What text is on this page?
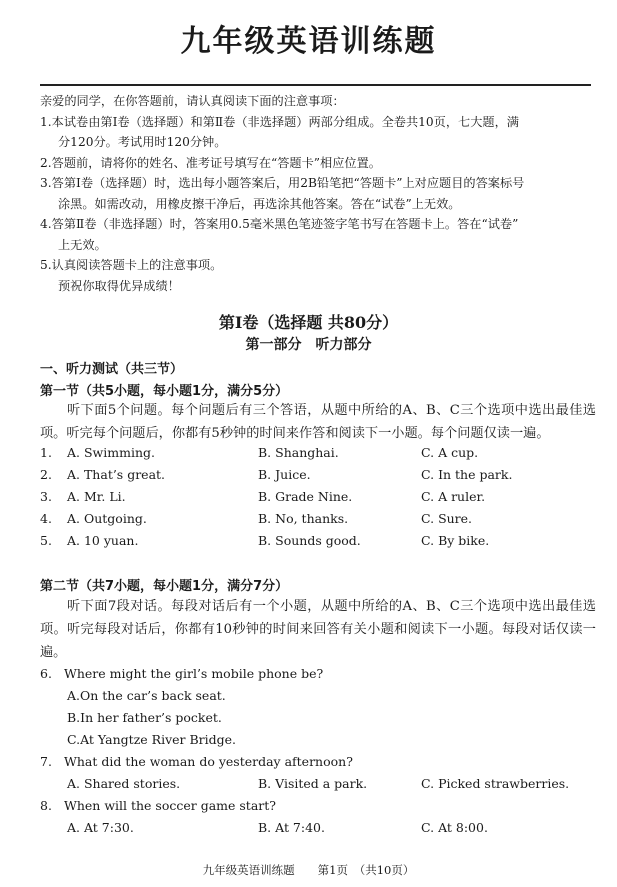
九年级英语训练题
亲爱的同学，在你答题前，请认真阅读下面的注意事项：
1.本试卷由第Ⅰ卷（选择题）和第Ⅱ卷（非选择题）两部分组成。全卷共10页，七大题，满
分120分。考试用时120分钟。
2.答题前，请将你的姓名、准考证号填写在“答题卡”相应位置。
3.答第Ⅰ卷（选择题）时，选出每小题答案后，用2B铅笔把“答题卡”上对应题目的答案标号
涂黑。如需改动，用橡皮擦干净后，再选涂其他答案。答在“试卷”上无效。
4.答第Ⅱ卷（非选择题）时，答案用0.5毫米黑色笔迹签字笔书写在答题卡上。答在“试卷”
上无效。
5.认真阅读答题卡上的注意事项。
预祝你取得优异成绩！
第Ⅰ卷（选择题 共80分）
第一部分　听力部分
一、听力测试（共三节）
第一节（共5小题，每小题1分，满分5分）
听下面5个问题。每个问题后有三个答语，从题中所给的A、B、C三个选项中选出最佳选项。听完每个问题后，你都有5秒钟的时间来作答和阅读下一小题。每个问题仅读一遍。
1. A. Swimming.	B. Shanghai.	C. A cup.
2. A. That’s great.	B. Juice.	C. In the park.
3. A. Mr. Li.	B. Grade Nine.	C. A ruler.
4. A. Outgoing.	B. No, thanks.	C. Sure.
5. A. 10 yuan.	B. Sounds good.	C. By bike.
第二节（共7小题，每小题1分，满分7分）
听下面7段对话。每段对话后有一个小题，从题中所给的A、B、C三个选项中选出最佳选项。听完每段对话后，你都有10秒钟的时间来回答有关小题和阅读下一小题。每段对话仅读一遍。
6. Where might the girl’s mobile phone be?
A.On the car’s back seat.
B.In her father’s pocket.
C.At Yangtze River Bridge.
7. What did the woman do yesterday afternoon?
A. Shared stories.	B. Visited a park.	C. Picked strawberries.
8. When will the soccer game start?
A. At 7:30.	B. At 7:40.	C. At 8:00.
九年级英语训练题　　第1页　（共10页）
